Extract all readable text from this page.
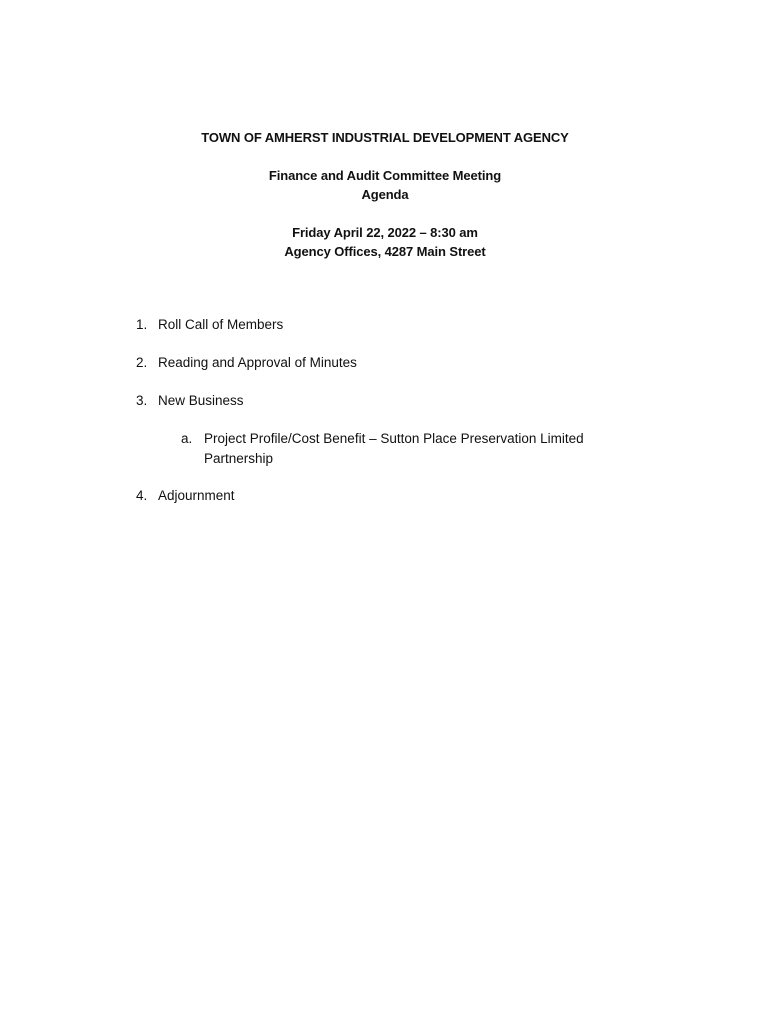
TOWN OF AMHERST INDUSTRIAL DEVELOPMENT AGENCY
Finance and Audit Committee Meeting
Agenda
Friday April 22, 2022 – 8:30 am
Agency Offices, 4287 Main Street
1. Roll Call of Members
2. Reading and Approval of Minutes
3. New Business
a. Project Profile/Cost Benefit – Sutton Place Preservation Limited Partnership
4. Adjournment
